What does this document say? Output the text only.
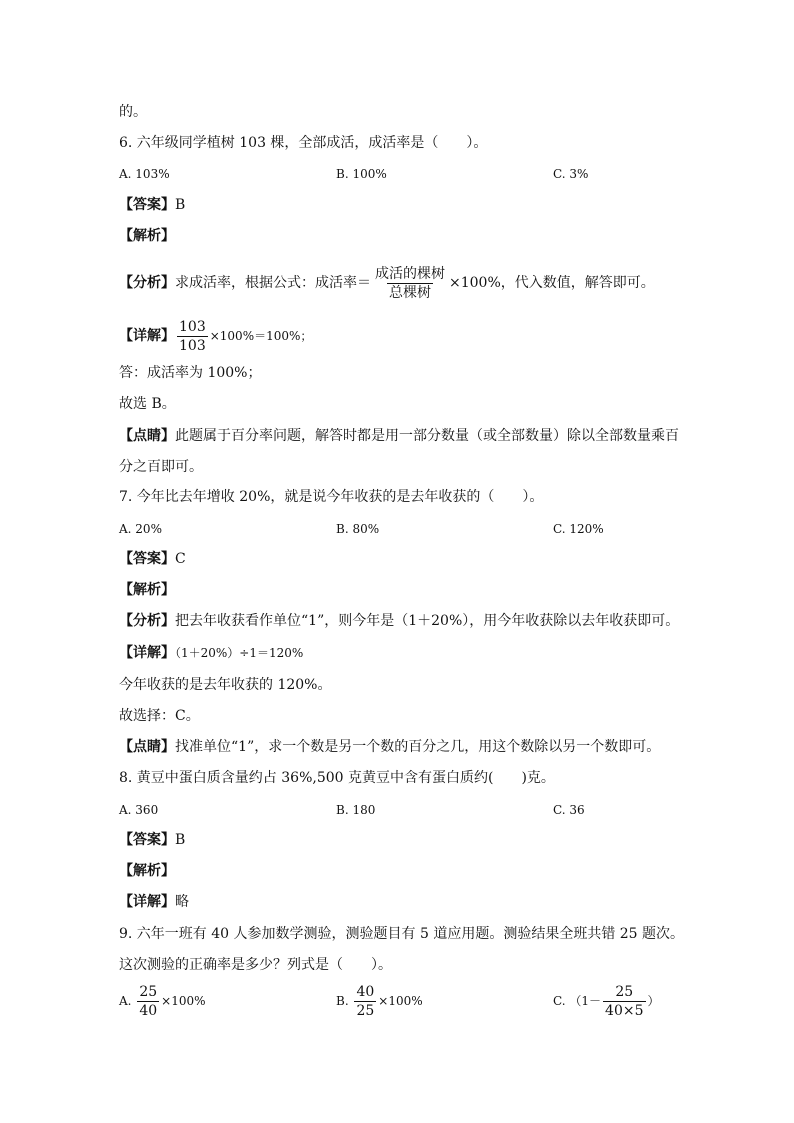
的。
6. 六年级同学植树 103 棵，全部成活，成活率是（　　）。
A. 103%	B. 100%	C. 3%
【答案】B
【解析】
【分析】求成活率，根据公式：成活率＝ $\frac{\text{成活的棵树}}{\text{总棵树}} \times 100\%$，代入数值，解答即可。
【详解】 $\frac{103}{103} \times 100\%=100\%$；
答：成活率为 100%；
故选 B。
【点睛】此题属于百分率问题，解答时都是用一部分数量（或全部数量）除以全部数量乘百分之百即可。
7. 今年比去年增收 20%，就是说今年收获的是去年收获的（　　）。
A. 20%	B. 80%	C. 120%
【答案】C
【解析】
【分析】把去年收获看作单位“1”，则今年是（1＋20%），用今年收获除以去年收获即可。
【详解】（1＋20%）÷1＝120%
今年收获的是去年收获的 120%。
故选择：C。
【点睛】找准单位“1”，求一个数是另一个数的百分之几，用这个数除以另一个数即可。
8. 黄豆中蛋白质含量约占 36%,500 克黄豆中含有蛋白质约(　　)克。
A. 360	B. 180	C. 36
【答案】B
【解析】
【详解】略
9. 六年一班有 40 人参加数学测验，测验题目有 5 道应用题。测验结果全班共错 25 题次。
这次测验的正确率是多少？列式是（　　）。
A. $\frac{25}{40} \times 100\%$	B. $\frac{40}{25} \times 100\%$	C. （$1- \frac{25}{40\times 5}$ ）
